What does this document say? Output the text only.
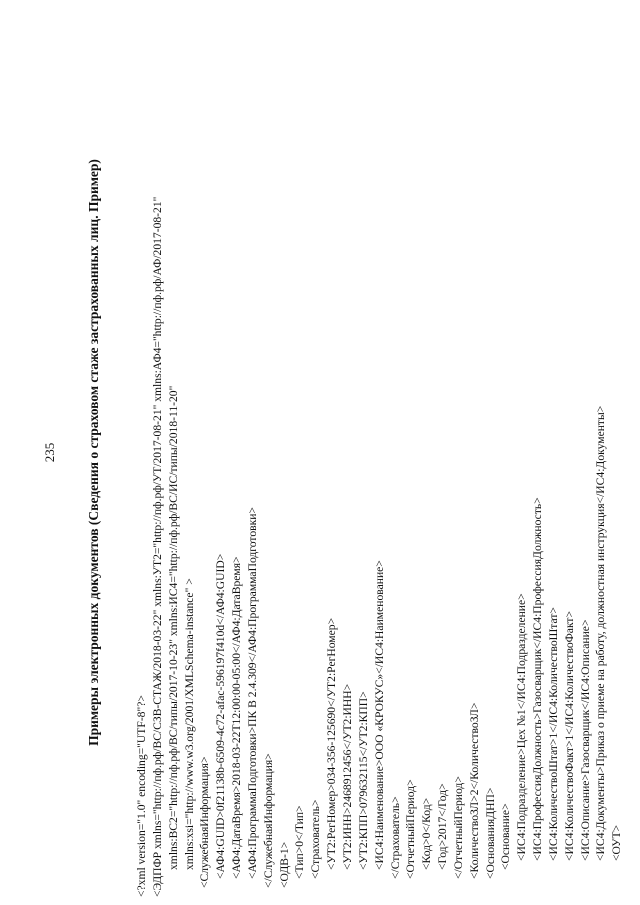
235 Примеры электронных документов (Сведения о страховом стаже застрахованных лиц. Пример)
<?xml version="1.0" encoding="UTF-8"?> <ЭДПФР xmlns="http://пф.рф/ВС/СЗВ-СТАЖ/2018-03-22" xmlns:УТ2="http://пф.рф/УТ/2017-08-21" xmlns:АФ4="http://пф.рф/АФ/2017-08-21" xmlns:ВС2="http://пф.рф/ВС/типы/2017-10-23" xmlns:ИС4="http://пф.рф/ВС/ИС/типы/2018-11-20" xmlns:xsi="http://www.w3.org/2001/XMLSchema-instance" > <СлужебнаяИнформация> <АФ4:GUID>0f21138b-6509-4c72-afac-596197f410d</АФ4:GUID> <АФ4:ДатаВремя>2018-03-22T12:00:00-05:00</АФ4:ДатаВремя> <АФ4:ПрограммаПодготовки>ПК В 2.4.309</АФ4:ПрограммаПодготовки> </СлужебнаяИнформация> <ОДВ-1> <Тип>0</Тип> <Страхователь> <УТ2:РегНомер>034-356-125690</УТ2:РегНомер> <УТ2:ИНН>2468912456</УТ2:ИНН> <УТ2:КПП>079632115</УТ2:КПП> <ИС4:Наименование>ООО «КРОКУС»</ИС4:Наименование> </Страхователь> <ОтчетныйПериод> <Код>0</Код> <Год>2017</Год> </ОтчетныйПериод> <КоличествоЗЛ>2</КоличествоЗЛ> <ОснованияДНП> <Основание> <ИС4:Подразделение>Цех №1</ИС4:Подразделение> <ИС4:ПрофессияДолжность>Газосварщик</ИС4:ПрофессияДолжность> <ИС4:КоличествоШтат>1</ИС4:КоличествоШтат> <ИС4:КоличествоФакт>1</ИС4:КоличествоФакт> <ИС4:Описание>Газосварщик</ИС4:Описание> <ИС4:Документы>Приказ о приеме на работу, должностная инструкция</ИС4:Документы> <ОУТ>
